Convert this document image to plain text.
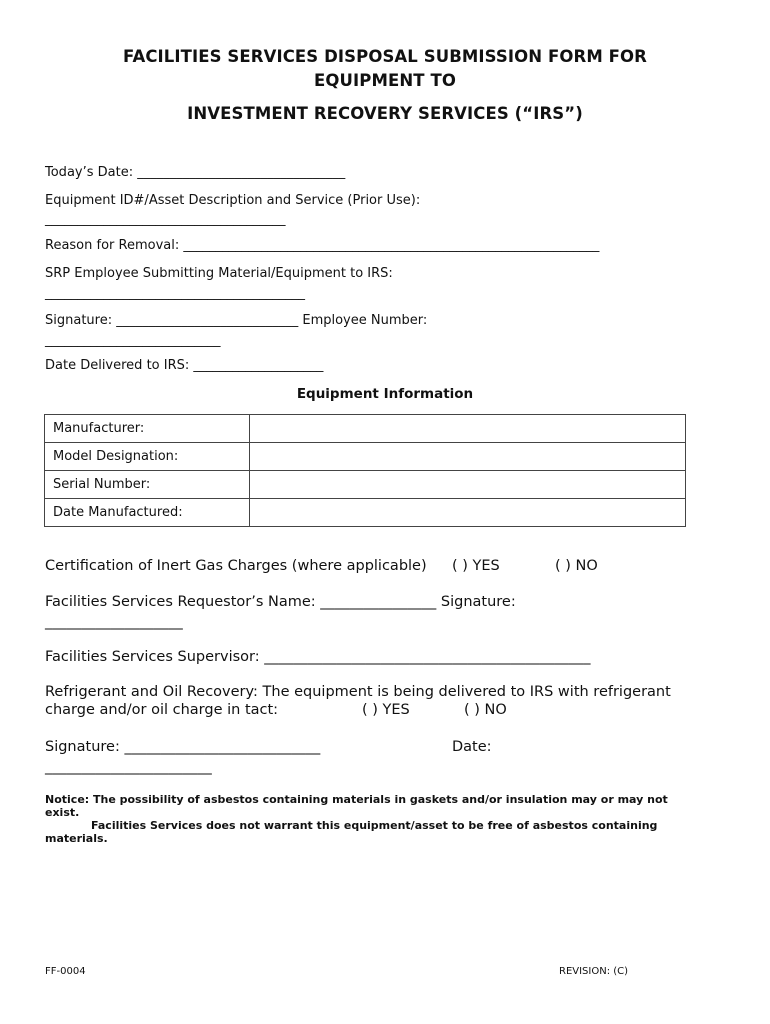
FACILITIES SERVICES DISPOSAL SUBMISSION FORM FOR
EQUIPMENT TO
INVESTMENT RECOVERY SERVICES (“IRS”)
Today’s Date: ________________________________
Equipment ID#/Asset Description and Service (Prior Use):
_____________________________________
Reason for Removal: ________________________________________________________________
SRP Employee Submitting Material/Equipment to IRS:
________________________________________
Signature: ____________________________ Employee Number:
___________________________
Date Delivered to IRS: ____________________
Equipment Information
Manufacturer:	
Model Designation:	
Serial Number:	
Date Manufactured:	
Certification of Inert Gas Charges (where applicable) ( ) YES	( ) NO
Facilities Services Requestor’s Name: ________________ Signature:
___________________
Facilities Services Supervisor: _____________________________________________
Refrigerant and Oil Recovery: The equipment is being delivered to IRS with refrigerant
charge and/or oil charge in tact:	( ) YES	( ) NO
Signature: ___________________________	Date:
_______________________
Notice: The possibility of asbestos containing materials in gaskets and/or insulation may or may not
exist.
Facilities Services does not warrant this equipment/asset to be free of asbestos containing
materials.
FF-0004	REVISION: (C)
